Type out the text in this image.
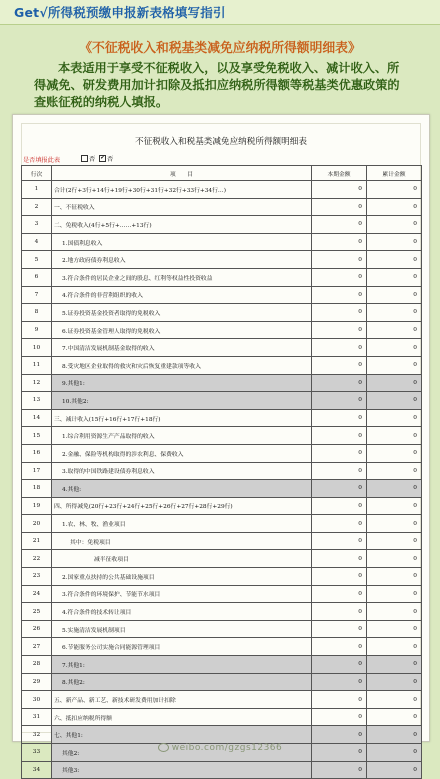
Get√所得税预缴申报新表格填写指引
《不征税收入和税基类减免应纳税所得额明细表》
本表适用于享受不征税收入，以及享受免税收入、减计收入、所得减免、研发费用加计扣除及抵扣应纳税所得额等税基类优惠政策的查账征税的纳税人填报。
不征税收入和税基类减免应纳税所得额明细表
是否填报此表	否 ✔ 否
行次	项　　目	本期金额	累计金额
1	合计(2行+3行+14行+19行+30行+31行+32行+33行+34行…)	0	0
2	一、不征税收入	0	0
3	二、免税收入(4行+5行+……+13行)	0	0
4	1.国债利息收入	0	0
5	2.地方政府债券利息收入	0	0
6	3.符合条件的居民企业之间的股息、红利等权益性投资收益	0	0
7	4.符合条件的非营利组织的收入	0	0
8	5.证券投资基金投资者取得的免税收入	0	0
9	6.证券投资基金管理人取得的免税收入	0	0
10	7.中国清洁发展机制基金取得的收入	0	0
11	8.受灾地区企业取得的救灾和灾后恢复重建款项等收入	0	0
12	9.其他1:	0	0
13	10.其他2:	0	0
14	三、减计收入(15行+16行+17行+18行)	0	0
15	1.综合利用资源生产产品取得的收入	0	0
16	2.金融、保险等机构取得的涉农利息、保费收入	0	0
17	3.取得的中国铁路建设债券利息收入	0	0
18	4.其他:	0	0
19	四、所得减免(20行+23行+24行+25行+26行+27行+28行+29行)	0	0
20	1.农、林、牧、渔业项目	0	0
21	其中：免税项目	0	0
22	减半征收项目	0	0
23	2.国家重点扶持的公共基础设施项目	0	0
24	3.符合条件的环境保护、节能节水项目	0	0
25	4.符合条件的技术转让项目	0	0
26	5.实施清洁发展机制项目	0	0
27	6.节能服务公司实施合同能源管理项目	0	0
28	7.其他1:	0	0
29	8.其他2:	0	0
30	五、新产品、新工艺、新技术研发费用加计扣除	0	0
31	六、抵扣应纳税所得额	0	0
32	七、其他1:	0	0
33	其他2:	0	0
34	其他3:	0	0
weibo.com/gzgs12366
